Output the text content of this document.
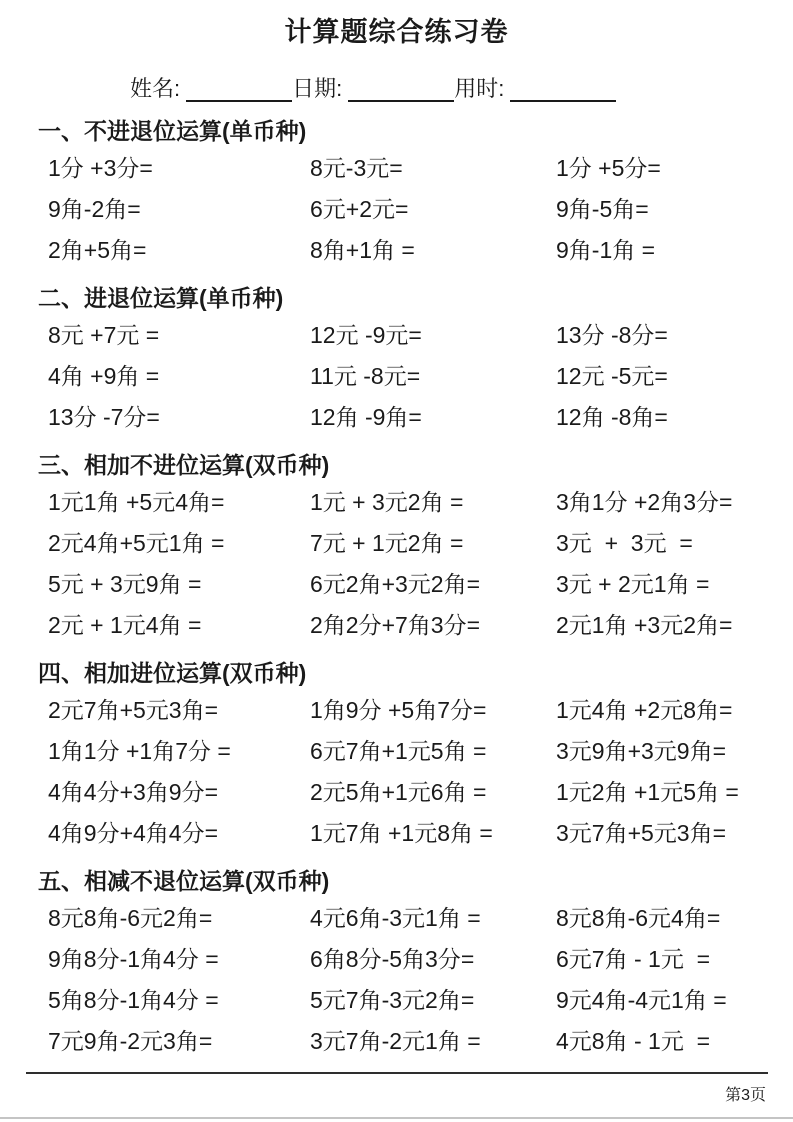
计算题综合练习卷
姓名:	日期:	用时:
一、不进退位运算(单币种)
1分 +3分=	8元-3元=	1分 +5分=
9角-2角=	6元+2元=	9角-5角=
2角+5角=	8角+1角 =	9角-1角 =
二、进退位运算(单币种)
8元 +7元 =	12元 -9元=	13分 -8分=
4角 +9角 =	11元 -8元=	12元 -5元=
13分 -7分=	12角 -9角=	12角 -8角=
三、相加不进位运算(双币种)
1元1角 +5元4角=	1元 + 3元2角 =	3角1分 +2角3分=
2元4角+5元1角 =	7元 + 1元2角 =	3元  +  3元  =
5元 + 3元9角 =	6元2角+3元2角=	3元 + 2元1角 =
2元 + 1元4角 =	2角2分+7角3分=	2元1角 +3元2角=
四、相加进位运算(双币种)
2元7角+5元3角=	1角9分 +5角7分=	1元4角 +2元8角=
1角1分 +1角7分 =	6元7角+1元5角 =	3元9角+3元9角=
4角4分+3角9分=	2元5角+1元6角 =	1元2角 +1元5角 =
4角9分+4角4分=	1元7角 +1元8角 =	3元7角+5元3角=
五、相减不退位运算(双币种)
8元8角-6元2角=	4元6角-3元1角 =	8元8角-6元4角=
9角8分-1角4分 =	6角8分-5角3分=	6元7角 - 1元  =
5角8分-1角4分 =	5元7角-3元2角=	9元4角-4元1角 =
7元9角-2元3角=	3元7角-2元1角 =	4元8角 - 1元  =
第3页
